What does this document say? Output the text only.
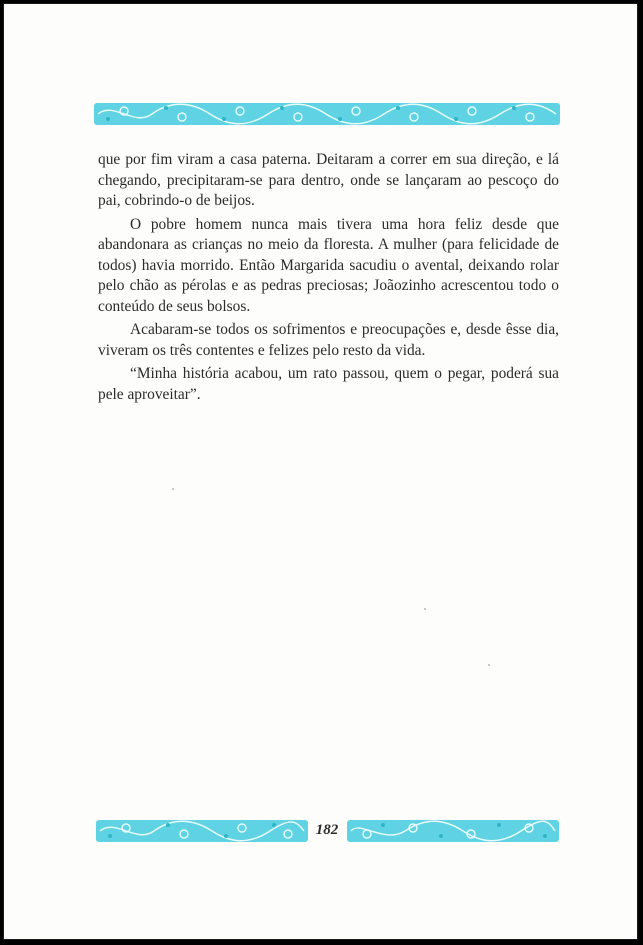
que por fim viram a casa paterna. Deitaram a correr em sua direção, e lá chegando, precipitaram-se para dentro, onde se lançaram ao pescoço do pai, cobrindo-o de beijos.

O pobre homem nunca mais tivera uma hora feliz desde que abandonara as crianças no meio da floresta. A mulher (para felicidade de todos) havia morrido. Então Margarida sacudiu o avental, deixando rolar pelo chão as pérolas e as pedras preciosas; Joãozinho acrescentou todo o conteúdo de seus bolsos.

Acabaram-se todos os sofrimentos e preocupações e, desde êsse dia, viveram os três contentes e felizes pelo resto da vida.

“Minha história acabou, um rato passou, quem o pegar, poderá sua pele aproveitar”.

182
